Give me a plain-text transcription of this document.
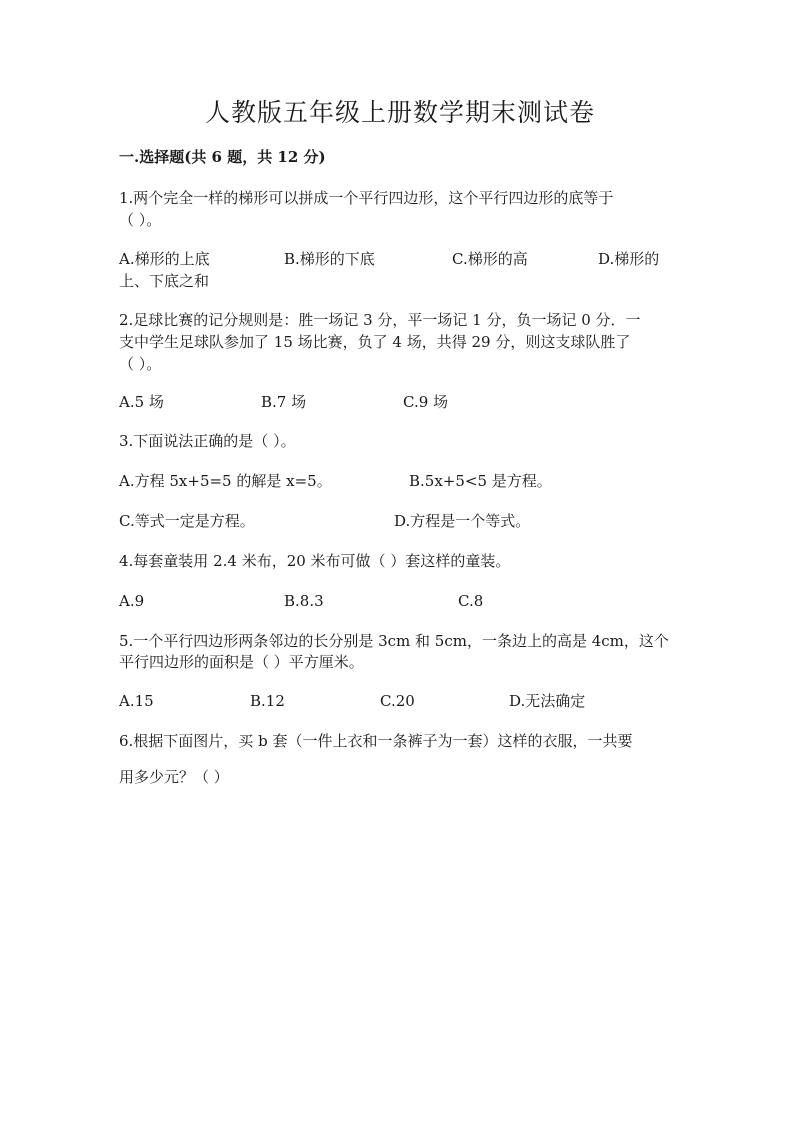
人教版五年级上册数学期末测试卷
一.选择题(共 6 题，共 12 分)
1.两个完全一样的梯形可以拼成一个平行四边形，这个平行四边形的底等于
（ ）。
A.梯形的上底	B.梯形的下底	C.梯形的高	D.梯形的
上、下底之和
2.足球比赛的记分规则是：胜一场记 3 分，平一场记 1 分，负一场记 0 分．一
支中学生足球队参加了 15 场比赛，负了 4 场，共得 29 分，则这支球队胜了
（ ）。
A.5 场	B.7 场	C.9 场
3.下面说法正确的是（ ）。
A.方程 5x+5=5 的解是 x=5。	B.5x+5<5 是方程。
C.等式一定是方程。	D.方程是一个等式。
4.每套童装用 2.4 米布，20 米布可做（ ）套这样的童装。
A.9	B.8.3	C.8
5.一个平行四边形两条邻边的长分别是 3cm 和 5cm，一条边上的高是 4cm，这个
平行四边形的面积是（ ）平方厘米。
A.15	B.12	C.20	D.无法确定
6.根据下面图片，买 b 套（一件上衣和一条裤子为一套）这样的衣服，一共要
用多少元？（ ）
